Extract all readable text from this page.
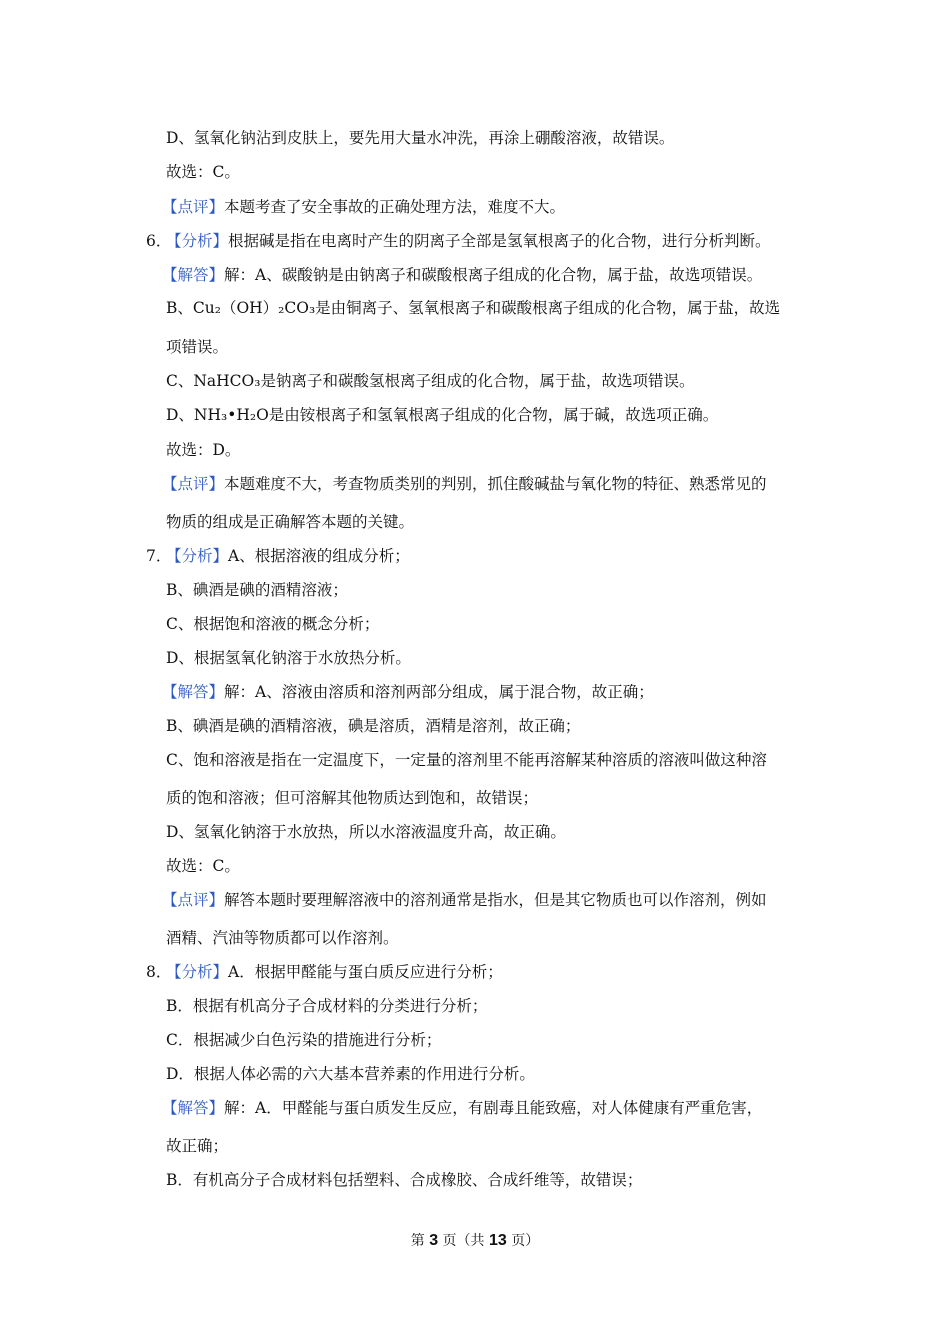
D、氢氧化钠沾到皮肤上，要先用大量水冲洗，再涂上硼酸溶液，故错误。
故选：C。
【点评】本题考查了安全事故的正确处理方法，难度不大。
6．
【分析】根据碱是指在电离时产生的阴离子全部是氢氧根离子的化合物，进行分析判断。
【解答】解：A、碳酸钠是由钠离子和碳酸根离子组成的化合物，属于盐，故选项错误。
B、Cu₂（OH）₂CO₃是由铜离子、氢氧根离子和碳酸根离子组成的化合物，属于盐，故选
项错误。
C、NaHCO₃是钠离子和碳酸氢根离子组成的化合物，属于盐，故选项错误。
D、NH₃•H₂O是由铵根离子和氢氧根离子组成的化合物，属于碱，故选项正确。
故选：D。
【点评】本题难度不大，考查物质类别的判别，抓住酸碱盐与氧化物的特征、熟悉常见的
物质的组成是正确解答本题的关键。
7．
【分析】A、根据溶液的组成分析；
B、碘酒是碘的酒精溶液；
C、根据饱和溶液的概念分析；
D、根据氢氧化钠溶于水放热分析。
【解答】解：A、溶液由溶质和溶剂两部分组成，属于混合物，故正确；
B、碘酒是碘的酒精溶液，碘是溶质，酒精是溶剂，故正确；
C、饱和溶液是指在一定温度下，一定量的溶剂里不能再溶解某种溶质的溶液叫做这种溶
质的饱和溶液；但可溶解其他物质达到饱和，故错误；
D、氢氧化钠溶于水放热，所以水溶液温度升高，故正确。
故选：C。
【点评】解答本题时要理解溶液中的溶剂通常是指水，但是其它物质也可以作溶剂，例如
酒精、汽油等物质都可以作溶剂。
8．
【分析】A．根据甲醛能与蛋白质反应进行分析；
B．根据有机高分子合成材料的分类进行分析；
C．根据减少白色污染的措施进行分析；
D．根据人体必需的六大基本营养素的作用进行分析。
【解答】解：A．甲醛能与蛋白质发生反应，有剧毒且能致癌，对人体健康有严重危害，
故正确；
B．有机高分子合成材料包括塑料、合成橡胶、合成纤维等，故错误；
第 3 页（共 13 页）
